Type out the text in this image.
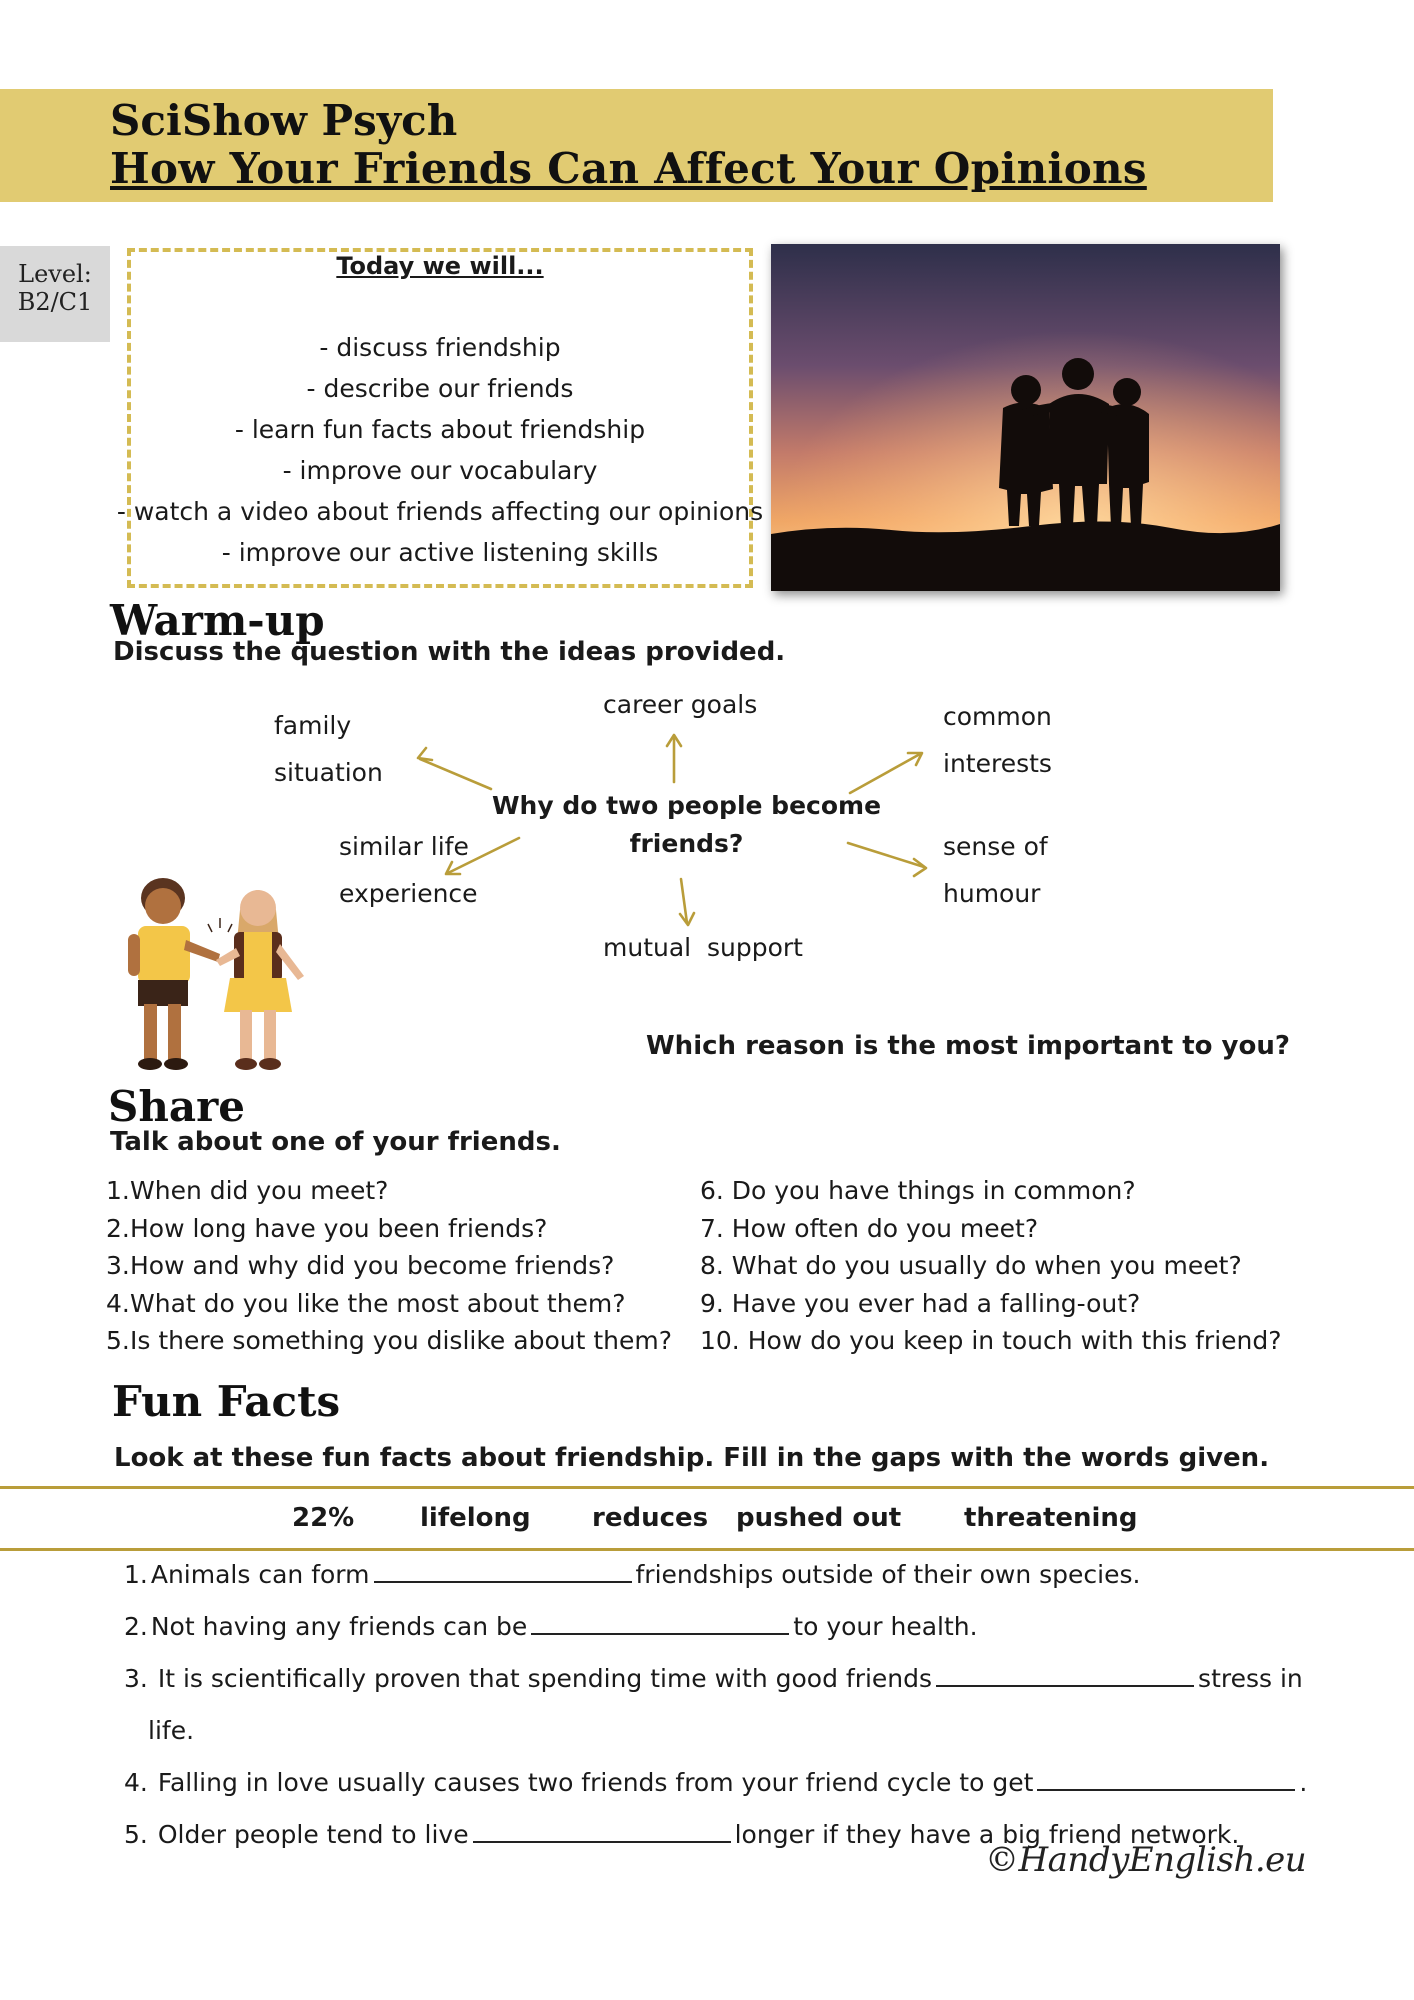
SciShow Psych
How Your Friends Can Affect Your Opinions
Level:
B2/C1
Today we will...
- discuss friendship
- describe our friends
- learn fun facts about friendship
- improve our vocabulary
- watch a video about friends affecting our opinions
- improve our active listening skills
Warm-up
Discuss the question with the ideas provided.
family
situation
career goals	common
interests
Why do two people become
friends?
similar life
experience
sense of
humour
mutual  support
Which reason is the most important to you?
Share
Talk about one of your friends.
1.When did you meet?
2.How long have you been friends?
3.How and why did you become friends?
4.What do you like the most about them?
5.Is there something you dislike about them?
6. Do you have things in common?
7. How often do you meet?
8. What do you usually do when you meet?
9. Have you ever had a falling-out?
10. How do you keep in touch with this friend?
Fun Facts
Look at these fun facts about friendship. Fill in the gaps with the words given.
22%	lifelong reduces pushed out threatening
1. Animals can form	friendships outside of their own species.
2. Not having any friends can be	to your health.
3. It is scientifically proven that spending time with good friends	stress in
life.
4. Falling in love usually causes two friends from your friend cycle to get	.
5. Older people tend to live	longer if they have a big friend network.
©HandyEnglish.eu
